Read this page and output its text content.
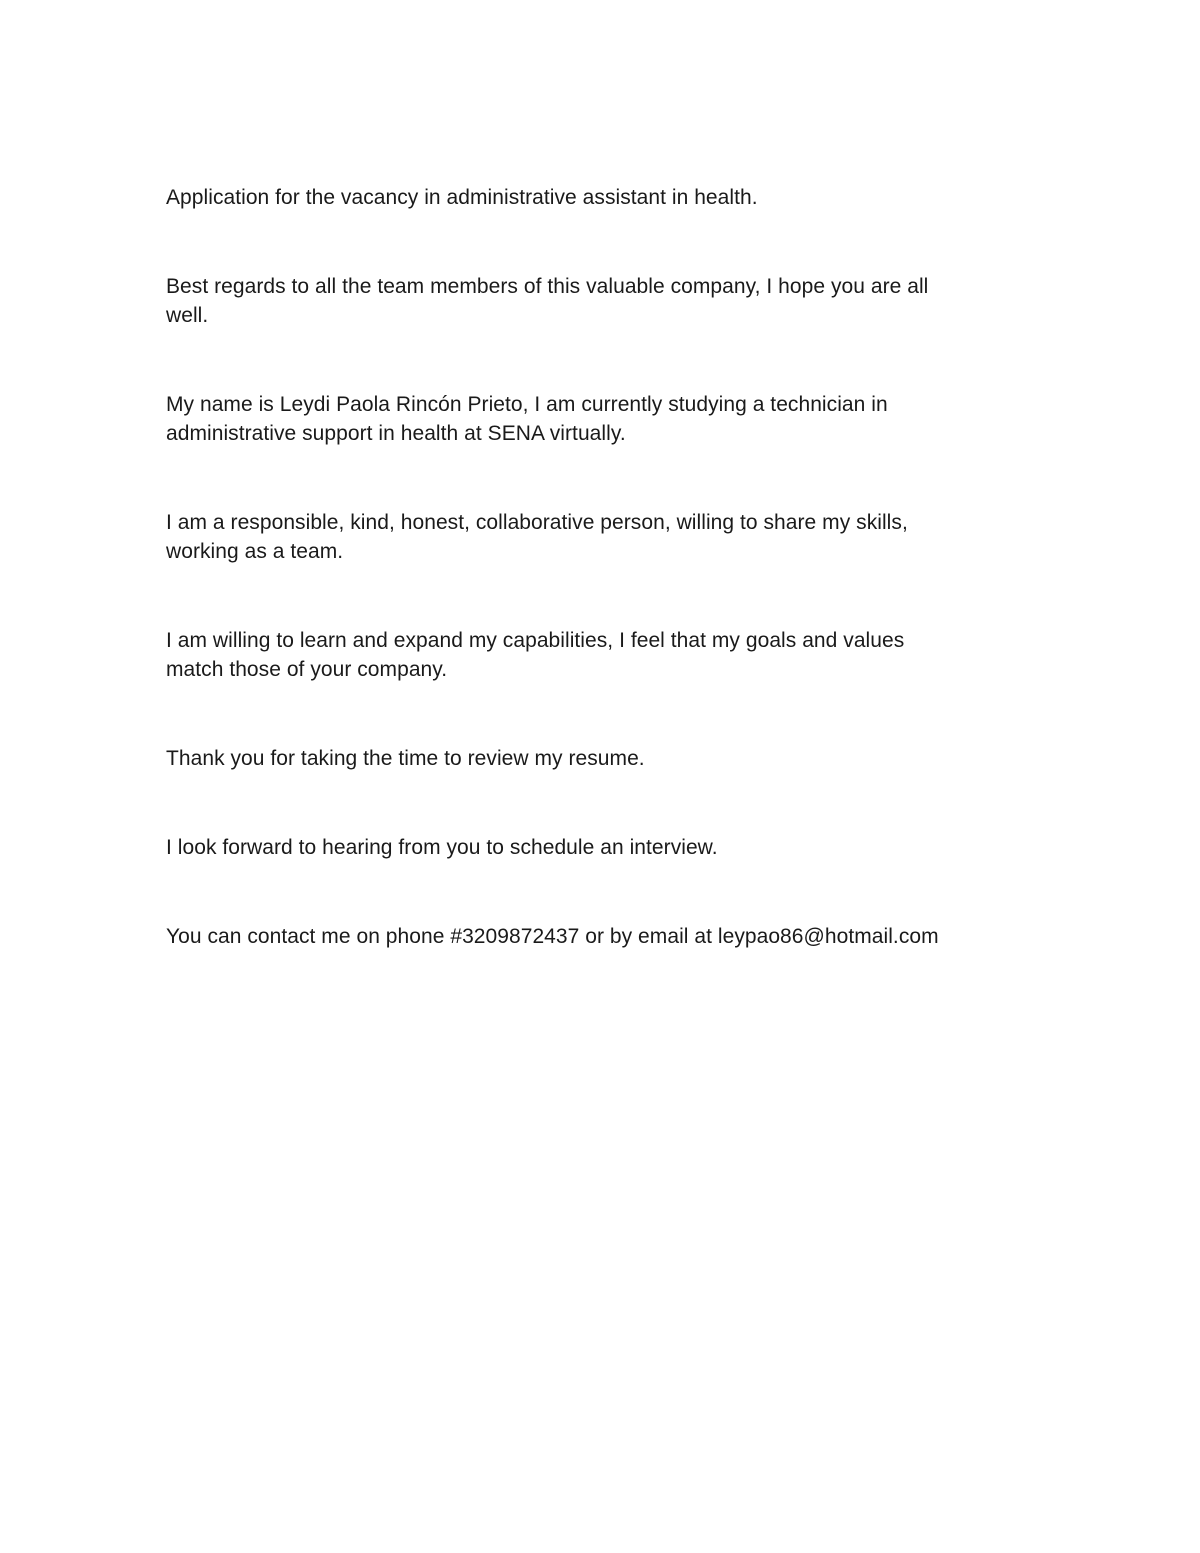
Application for the vacancy in administrative assistant in health.

Best regards to all the team members of this valuable company, I hope you are all
well.

My name is Leydi Paola Rincón Prieto, I am currently studying a technician in
administrative support in health at SENA virtually.

I am a responsible, kind, honest, collaborative person, willing to share my skills,
working as a team.

I am willing to learn and expand my capabilities, I feel that my goals and values
match those of your company.

Thank you for taking the time to review my resume.

I look forward to hearing from you to schedule an interview.

You can contact me on phone #3209872437 or by email at leypao86@hotmail.com
